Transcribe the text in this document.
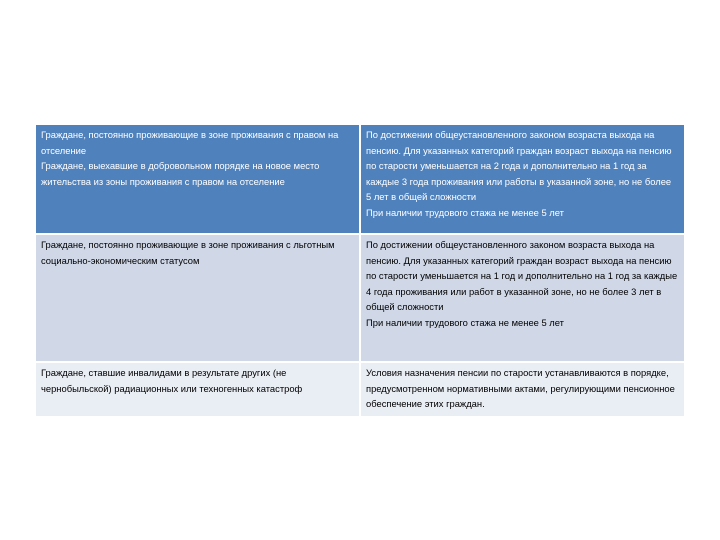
Граждане, постоянно проживающие в зоне проживания с правом на отселение
Граждане, выехавшие в добровольном порядке на новое место жительства из зоны проживания с правом на отселение	По достижении общеустановленного законом возраста выхода на пенсию. Для указанных категорий граждан возраст выхода на пенсию по старости уменьшается на 2 года и дополнительно на 1 год за каждые 3 года проживания или работы в указанной зоне, но не более 5 лет в общей сложности
При наличии трудового стажа не менее 5 лет

Граждане, постоянно проживающие в зоне проживания с льготным социально-экономическим статусом	По достижении общеустановленного законом возраста выхода на пенсию. Для указанных категорий граждан возраст выхода на пенсию по старости уменьшается на 1 год и дополнительно на 1 год за каждые 4 года проживания или работ в указанной зоне, но не более 3 лет в общей сложности
При наличии трудового стажа не менее 5 лет

Граждане, ставшие инвалидами в результате других (не чернобыльской) радиационных или техногенных катастроф	Условия назначения пенсии по старости устанавливаются в порядке, предусмотренном нормативными актами, регулирующими пенсионное обеспечение этих граждан.
